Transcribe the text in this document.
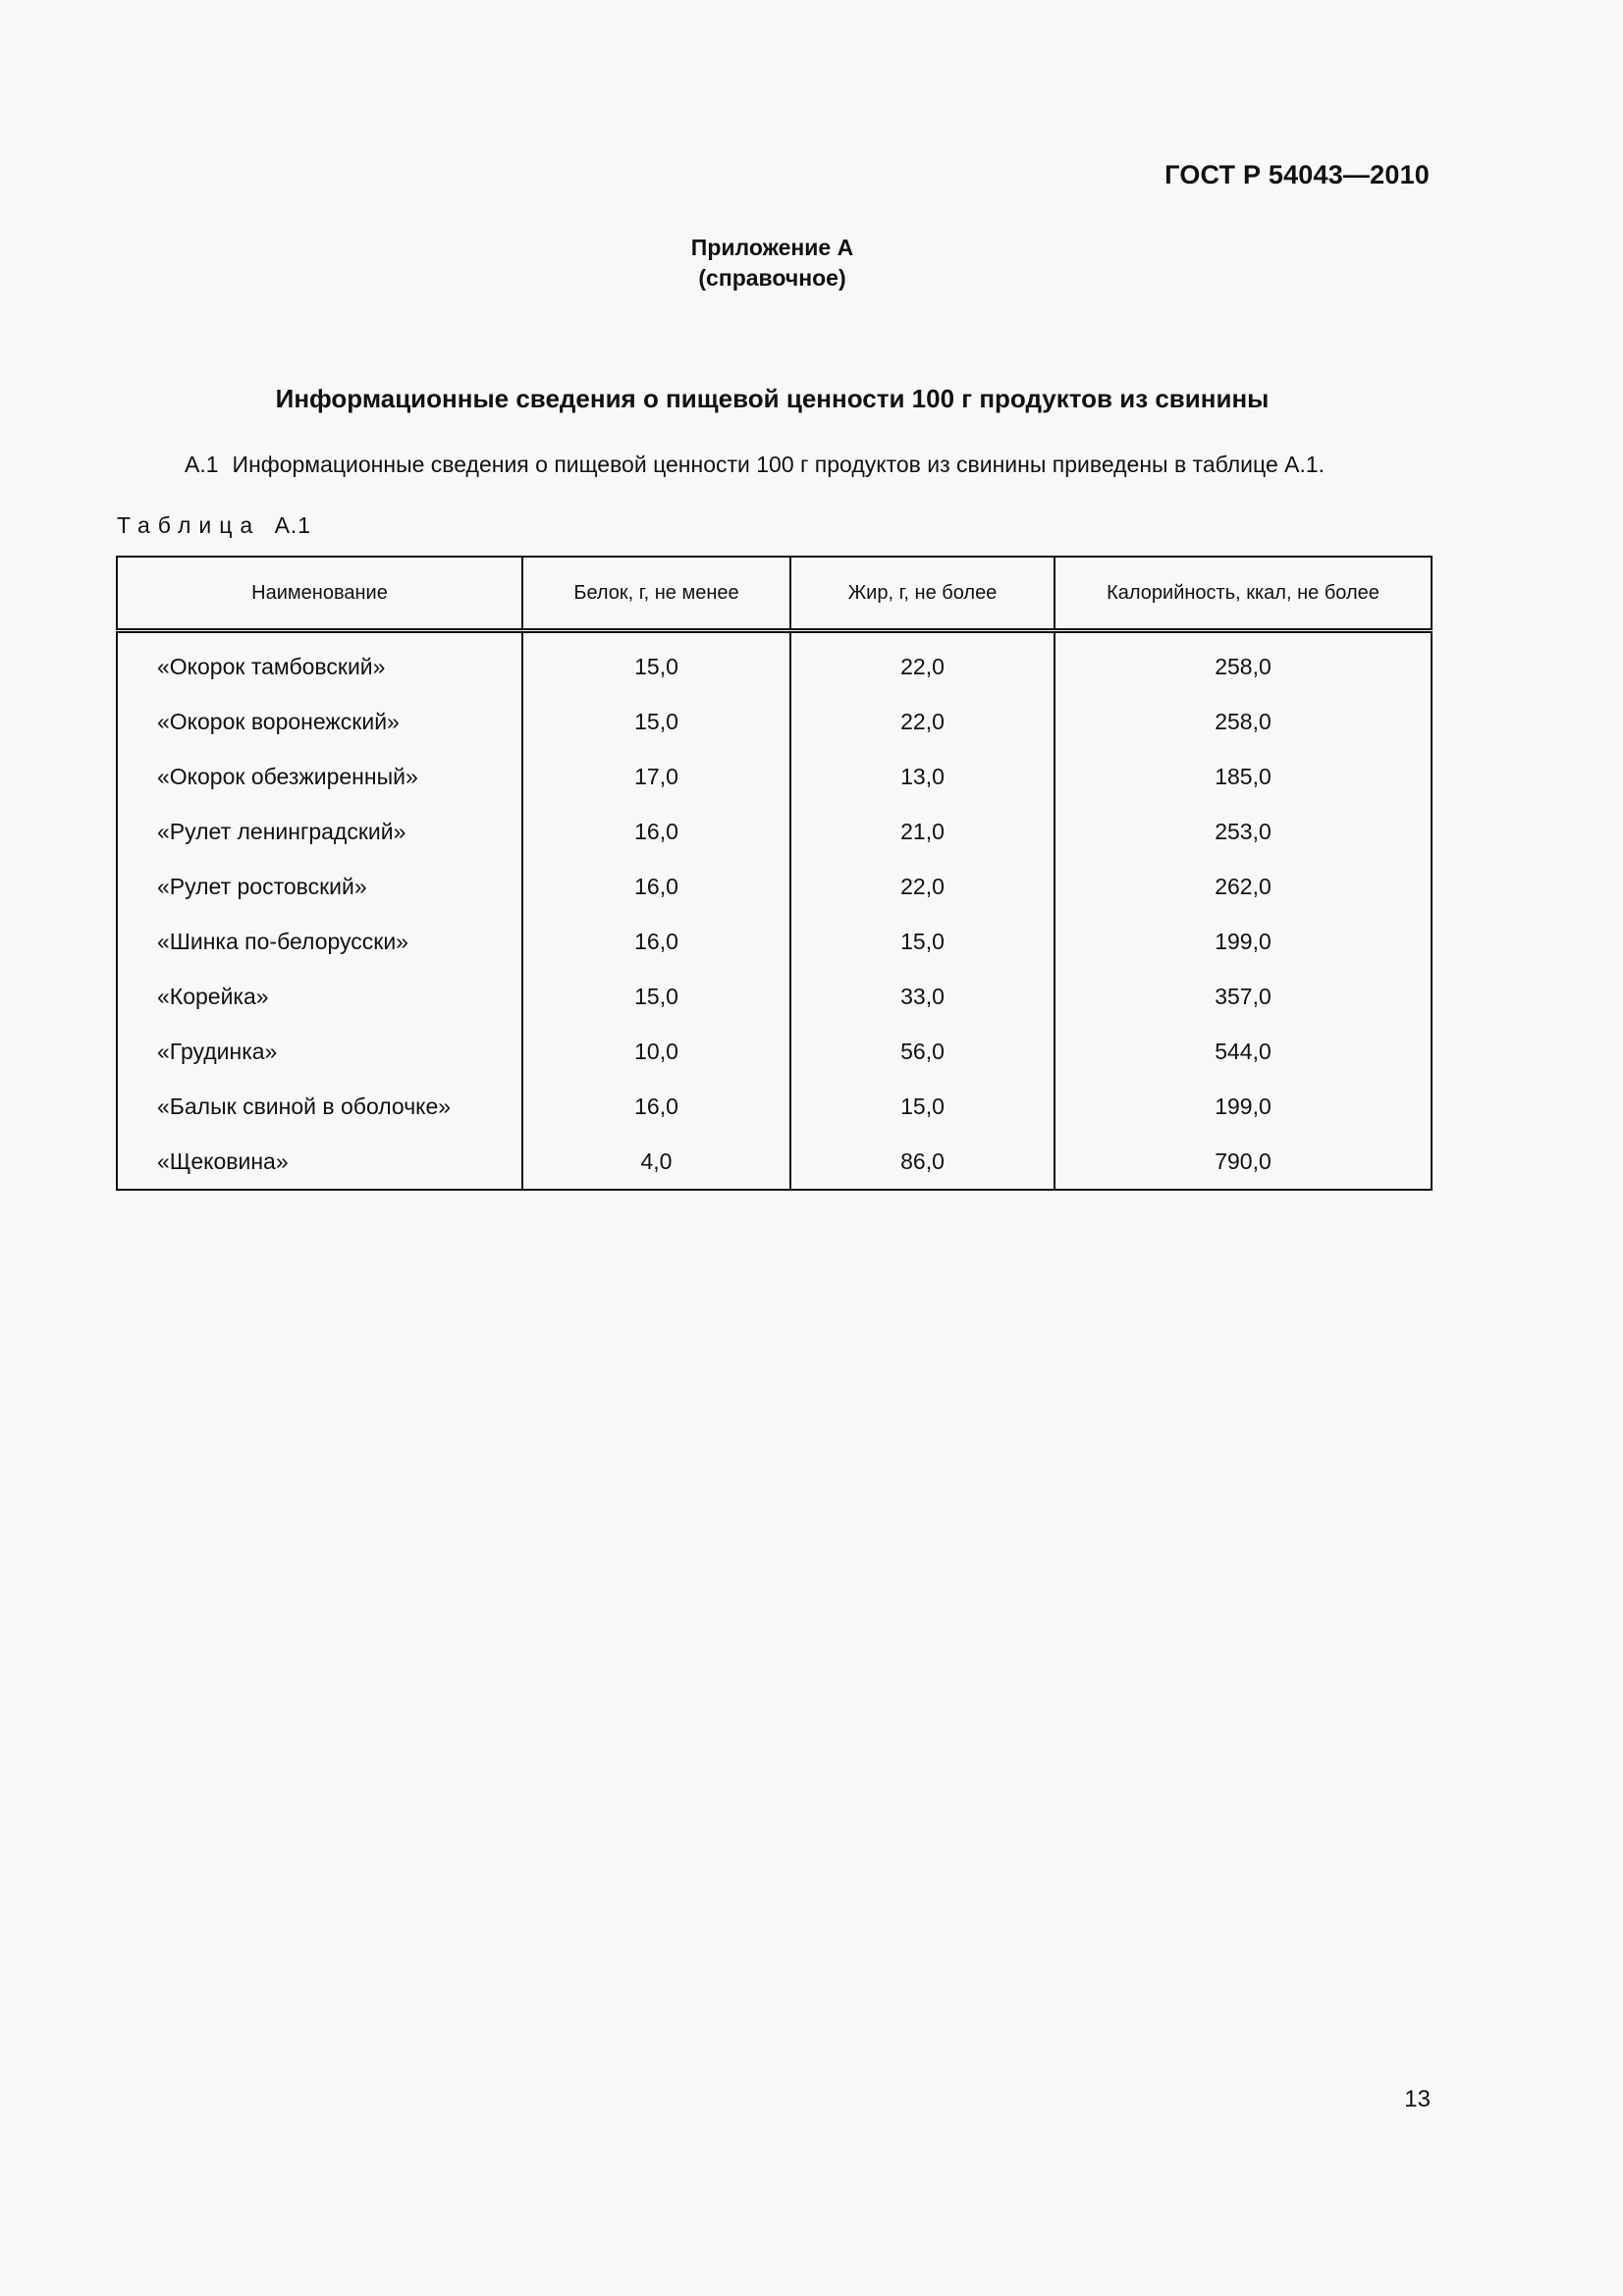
ГОСТ Р 54043—2010
Приложение А
(справочное)
Информационные сведения о пищевой ценности 100 г продуктов из свинины
А.1 Информационные сведения о пищевой ценности 100 г продуктов из свинины приведены в таблице А.1.
Таблица А.1
Наименование	Белок, г, не менее	Жир, г, не более	Калорийность, ккал, не более
«Окорок тамбовский»	15,0	22,0	258,0
«Окорок воронежский»	15,0	22,0	258,0
«Окорок обезжиренный»	17,0	13,0	185,0
«Рулет ленинградский»	16,0	21,0	253,0
«Рулет ростовский»	16,0	22,0	262,0
«Шинка по-белорусски»	16,0	15,0	199,0
«Корейка»	15,0	33,0	357,0
«Грудинка»	10,0	56,0	544,0
«Балык свиной в оболочке»	16,0	15,0	199,0
«Щековина»	4,0	86,0	790,0
13
